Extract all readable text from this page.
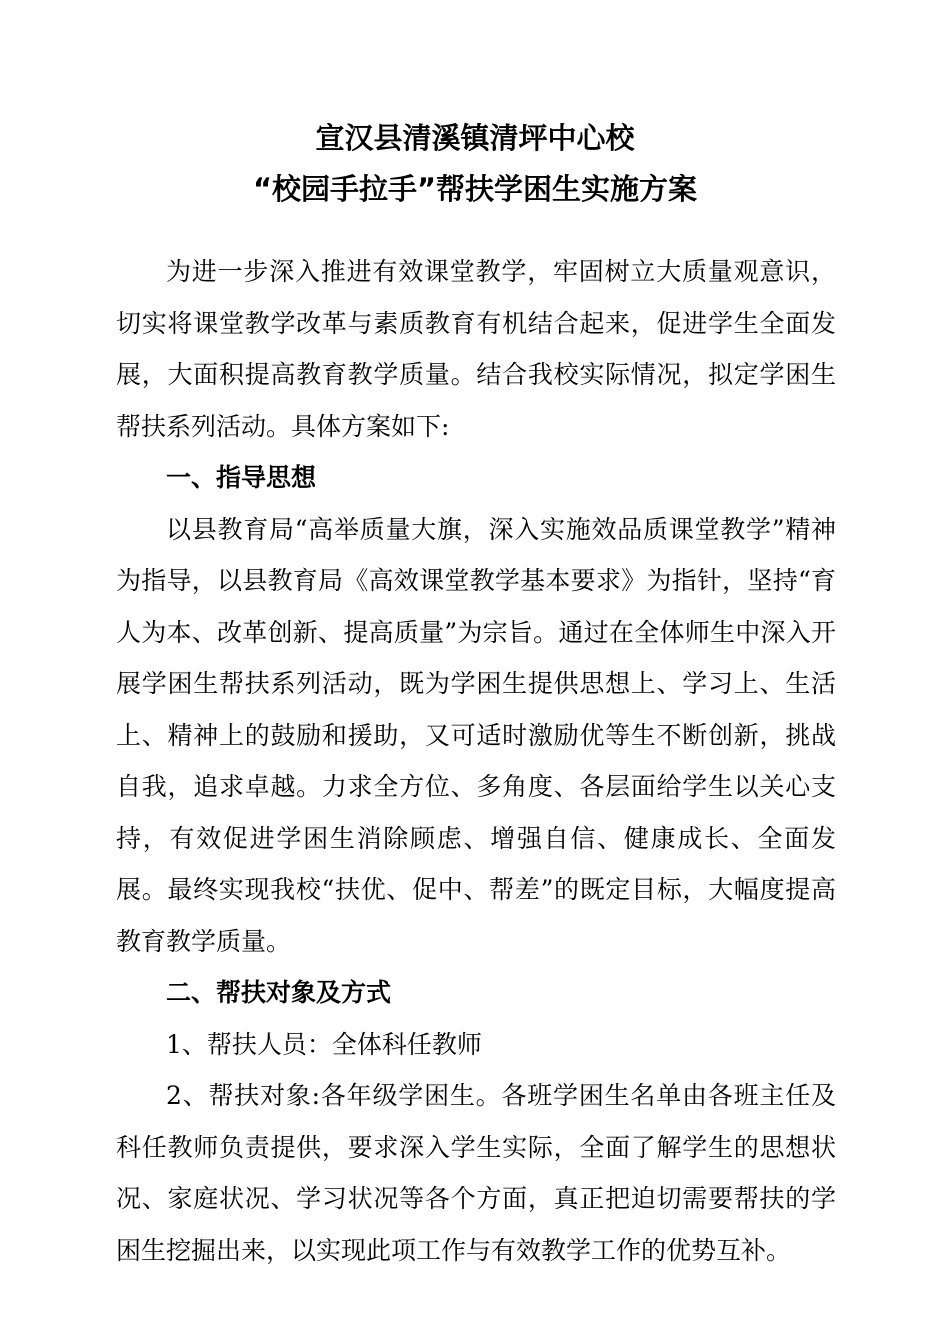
宣汉县清溪镇清坪中心校
“校园手拉手”帮扶学困生实施方案

为进一步深入推进有效课堂教学，牢固树立大质量观意识，切实将课堂教学改革与素质教育有机结合起来，促进学生全面发展，大面积提高教育教学质量。结合我校实际情况，拟定学困生帮扶系列活动。具体方案如下:

一、指导思想

以县教育局“高举质量大旗，深入实施效品质课堂教学”精神为指导，以县教育局《高效课堂教学基本要求》为指针，坚持“育人为本、改革创新、提高质量”为宗旨。通过在全体师生中深入开展学困生帮扶系列活动，既为学困生提供思想上、学习上、生活上、精神上的鼓励和援助，又可适时激励优等生不断创新，挑战自我，追求卓越。力求全方位、多角度、各层面给学生以关心支持，有效促进学困生消除顾虑、增强自信、健康成长、全面发展。最终实现我校“扶优、促中、帮差”的既定目标，大幅度提高教育教学质量。

二、帮扶对象及方式

1、帮扶人员：全体科任教师

2、帮扶对象:各年级学困生。各班学困生名单由各班主任及科任教师负责提供，要求深入学生实际，全面了解学生的思想状况、家庭状况、学习状况等各个方面，真正把迫切需要帮扶的学困生挖掘出来，以实现此项工作与有效教学工作的优势互补。
